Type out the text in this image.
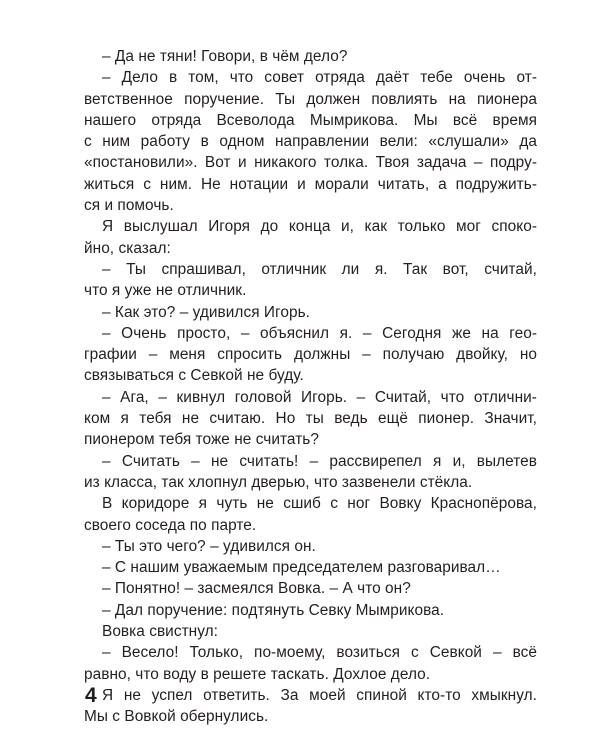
– Да не тяни! Говори, в чём дело?
– Дело в том, что совет отряда даёт тебе очень от-
ветственное поручение. Ты должен повлиять на пионера
нашего отряда Всеволода Мымрикова. Мы всё время
с ним работу в одном направлении вели: «слушали» да
«постановили». Вот и никакого толка. Твоя задача – подру-
житься с ним. Не нотации и морали читать, а подружить-
ся и помочь.
Я выслушал Игоря до конца и, как только мог споко-
йно, сказал:
– Ты спрашивал, отличник ли я. Так вот, считай,
что я уже не отличник.
– Как это? – удивился Игорь.
– Очень просто, – объяснил я. – Сегодня же на гео-
графии – меня спросить должны – получаю двойку, но
связываться с Севкой не буду.
– Ага, – кивнул головой Игорь. – Считай, что отлични-
ком я тебя не считаю. Но ты ведь ещё пионер. Значит,
пионером тебя тоже не считать?
– Считать – не считать! – рассвирепел я и, вылетев
из класса, так хлопнул дверью, что зазвенели стёкла.
В коридоре я чуть не сшиб с ног Вовку Краснопёрова,
своего соседа по парте.
– Ты это чего? – удивился он.
– С нашим уважаемым председателем разговаривал…
– Понятно! – засмеялся Вовка. – А что он?
– Дал поручение: подтянуть Севку Мымрикова.
Вовка свистнул:
– Весело! Только, по-моему, возиться с Севкой – всё
равно, что воду в решете таскать. Дохлое дело.
Я не успел ответить. За моей спиной кто-то хмыкнул.
Мы с Вовкой обернулись.
4
